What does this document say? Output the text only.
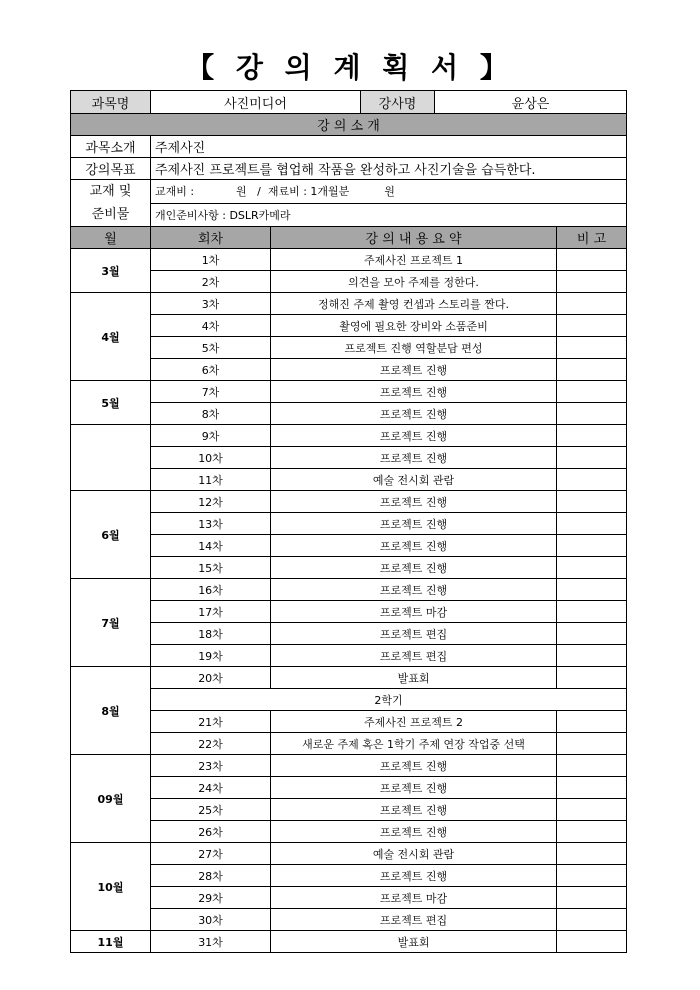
【 강 의 계 획 서 】
과목명	사진미디어		강사명	윤상은	
강 의 소 개					
과목소개	주제사진				
강의목표	주제사진 프로젝트를 협업해 작품을 완성하고 사진기술을 습득한다.				

교재 및
준비물	교재비 :            원   /  재료비 : 1개월분          원				
	개인준비사항 : DSLR카메라				
월	회차	강 의 내 용 요 약			비 고
3월	1차	주제사진 프로젝트 1			
	2차	의견을 모아 주제를 정한다.			
4월	3차	정해진 주제 촬영 컨셉과 스토리를 짠다.			
	4차	촬영에 필요한 장비와 소품준비			
	5차	프로젝트 진행 역할분담 편성			
	6차	프로젝트 진행			
5월	7차	프로젝트 진행			
	8차	프로젝트 진행			
	9차	프로젝트 진행			
	10차	프로젝트 진행			
	11차	예술 전시회 관람			
6월	12차	프로젝트 진행			
	13차	프로젝트 진행			
	14차	프로젝트 진행			
	15차	프로젝트 진행			
7월	16차	프로젝트 진행			
	17차	프로젝트 마감			
	18차	프로젝트 편집			
	19차	프로젝트 편집			
8월	20차	발표회			
	2학기				
	21차	주제사진 프로젝트 2			
	22차	새로운 주제 혹은 1학기 주제 연장 작업중 선택			
09월	23차	프로젝트 진행			
	24차	프로젝트 진행			
	25차	프로젝트 진행			
	26차	프로젝트 진행			
10월	27차	예술 전시회 관람			
	28차	프로젝트 진행			
	29차	프로젝트 마감			
	30차	프로젝트 편집			
11월	31차	발표회			
